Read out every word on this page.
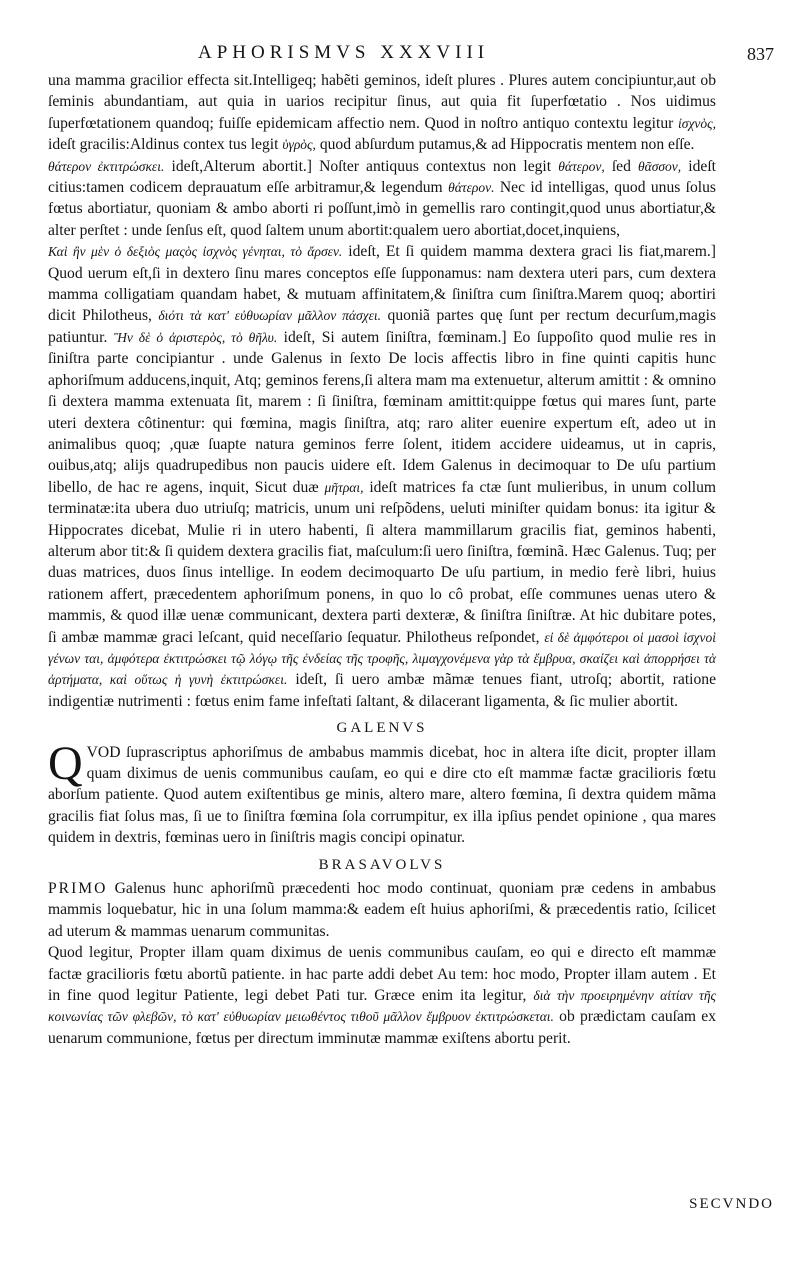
APHORISMVS XXXVIII	837

una mamma gracilior effecta sit.Intelligeq; habẽti geminos, ideſt plures . Plures autem concipiuntur,aut ob ſeminis abundantiam, aut quia in uarios recipitur ſinus, aut quia fit ſuperfœtatio . Nos uidimus ſuperfœtationem quandoq; fuiſſe epidemicam affectio nem. Quod in noſtro antiquo contextu legitur ἰσχνὸς, ideſt gracilis:Aldinus contex tus legit ὑγρὸς, quod abſurdum putamus,& ad Hippocratis mentem non eſſe.

θάτερον ἐκτιτρώσκει. ideſt,Alterum abortit.] Noſter antiquus contextus non legit θάτερον, ſed θᾶσσον, ideſt citius:tamen codicem deprauatum eſſe arbitramur,& legendum θάτερον. Nec id intelligas, quod unus ſolus fœtus abortiatur, quoniam & ambo aborti ri poſſunt,imò in gemellis raro contingit,quod unus abortiatur,& alter perſtet : unde ſenſus eſt, quod ſaltem unum abortit:qualem uero abortiat,docet,inquiens,

Καὶ ἢν μὲν ὁ δεξιὸς μαςὸς ἰσχνὸς γένηται, τὸ ἄρσεν. ideſt, Et ſi quidem mamma dextera graci lis fiat,marem.] Quod uerum eſt,ſi in dextero ſinu mares conceptos eſſe ſupponamus: nam dextera uteri pars, cum dextera mamma colligatiam quandam habet, & mutuam affinitatem,& ſiniſtra cum ſiniſtra.Marem quoq; abortiri dicit Philotheus, διότι τὰ κατ' εὐθυωρίαν μᾶλλον πάσχει. quoniã partes quę ſunt per rectum decurſum,magis patiuntur. Ἢν δὲ ὁ ἀριστερὸς, τὸ θῆλυ. ideſt, Si autem ſiniſtra, fœminam.] Eo ſuppoſito quod mulie res in ſiniſtra parte concipiantur . unde Galenus in ſexto De locis affectis libro in fine quinti capitis hunc aphoriſmum adducens,inquit, Atq; geminos ferens,ſi altera mam ma extenuetur, alterum amittit : & omnino ſi dextera mamma extenuata ſit, marem : ſi ſiniſtra, fœminam amittit:quippe fœtus qui mares ſunt, parte uteri dextera côtinentur: qui fœmina, magis ſiniſtra, atq; raro aliter euenire expertum eſt, adeo ut in animalibus quoq; ,quæ ſuapte natura geminos ferre ſolent, itidem accidere uideamus, ut in capris, ouibus,atq; alijs quadrupedibus non paucis uidere eſt. Idem Galenus in decimoquar to De uſu partium libello, de hac re agens, inquit, Sicut duæ μῆτραι, ideſt matrices fa ctæ ſunt mulieribus, in unum collum terminatæ:ita ubera duo utriuſq; matricis, unum uni reſpõdens, ueluti miniſter quidam bonus: ita igitur & Hippocrates dicebat, Mulie ri in utero habenti, ſi altera mammillarum gracilis fiat, geminos habenti, alterum abor tit:& ſi quidem dextera gracilis fiat, maſculum:ſi uero ſiniſtra, fœminã. Hæc Galenus. Tuq; per duas matrices, duos ſinus intellige. In eodem decimoquarto De uſu partium, in medio ferè libri, huius rationem affert, præcedentem aphoriſmum ponens, in quo lo cô probat, eſſe communes uenas utero & mammis, & quod illæ uenæ communicant, dextera parti dexteræ, & ſiniſtra ſiniſtræ. At hic dubitare potes, ſi ambæ mammæ graci leſcant, quid neceſſario ſequatur. Philotheus reſpondet, εἰ δὲ ἀμφότεροι οἱ μασοὶ ἰσχνοὶ γένων ται, ἀμφότερα ἐκτιτρώσκει τῷ λόγῳ τῆς ἐνδείας τῆς τροφῆς, λιμαγχονέμενα γὰρ τὰ ἔμβρυα, σκαίζει καὶ ἀπορρήσει τὰ ἀρτήματα, καὶ οὕτως ἡ γυνὴ ἐκτιτρώσκει. ideſt, ſi uero ambæ mãmæ tenues fiant, utroſq; abortit, ratione indigentiæ nutrimenti : fœtus enim fame infeſtati ſaltant, & dilacerant ligamenta, & ſic mulier abortit.

GALENVS

QVOD ſuprascriptus aphoriſmus de ambabus mammis dicebat, hoc in altera iſte dicit, propter illam quam diximus de uenis communibus cauſam, eo qui e dire cto eſt mammæ factæ gracilioris fœtu aborſum patiente. Quod autem exiſtentibus ge minis, altero mare, altero fœmina, ſi dextra quidem mãma gracilis fiat ſolus mas, ſi ue to ſiniſtra fœmina ſola corrumpitur, ex illa ipſius pendet opinione , qua mares quidem in dextris, fœminas uero in ſiniſtris magis concipi opinatur.

BRASAVOLVS

PRIMO Galenus hunc aphoriſmũ præcedenti hoc modo continuat, quoniam præ cedens in ambabus mammis loquebatur, hic in una ſolum mamma:& eadem eſt huius aphoriſmi, & præcedentis ratio, ſcilicet ad uterum & mammas uenarum communitas.

Quod legitur, Propter illam quam diximus de uenis communibus cauſam, eo qui e directo eſt mammæ factæ gracilioris fœtu abortũ patiente. in hac parte addi debet Au tem: hoc modo, Propter illam autem . Et in fine quod legitur Patiente, legi debet Pati tur. Græce enim ita legitur, διὰ τὴν προειρημένην αἰτίαν τῆς κοινωνίας τῶν φλεβῶν, τὸ κατ' εὐθυωρίαν μειωθέντος τιθοῦ μᾶλλον ἔμβρυον ἐκτιτρώσκεται. ob prædictam cauſam ex uenarum communione, fœtus per directum imminutæ mammæ exiſtens abortu perit.

SECVNDO
